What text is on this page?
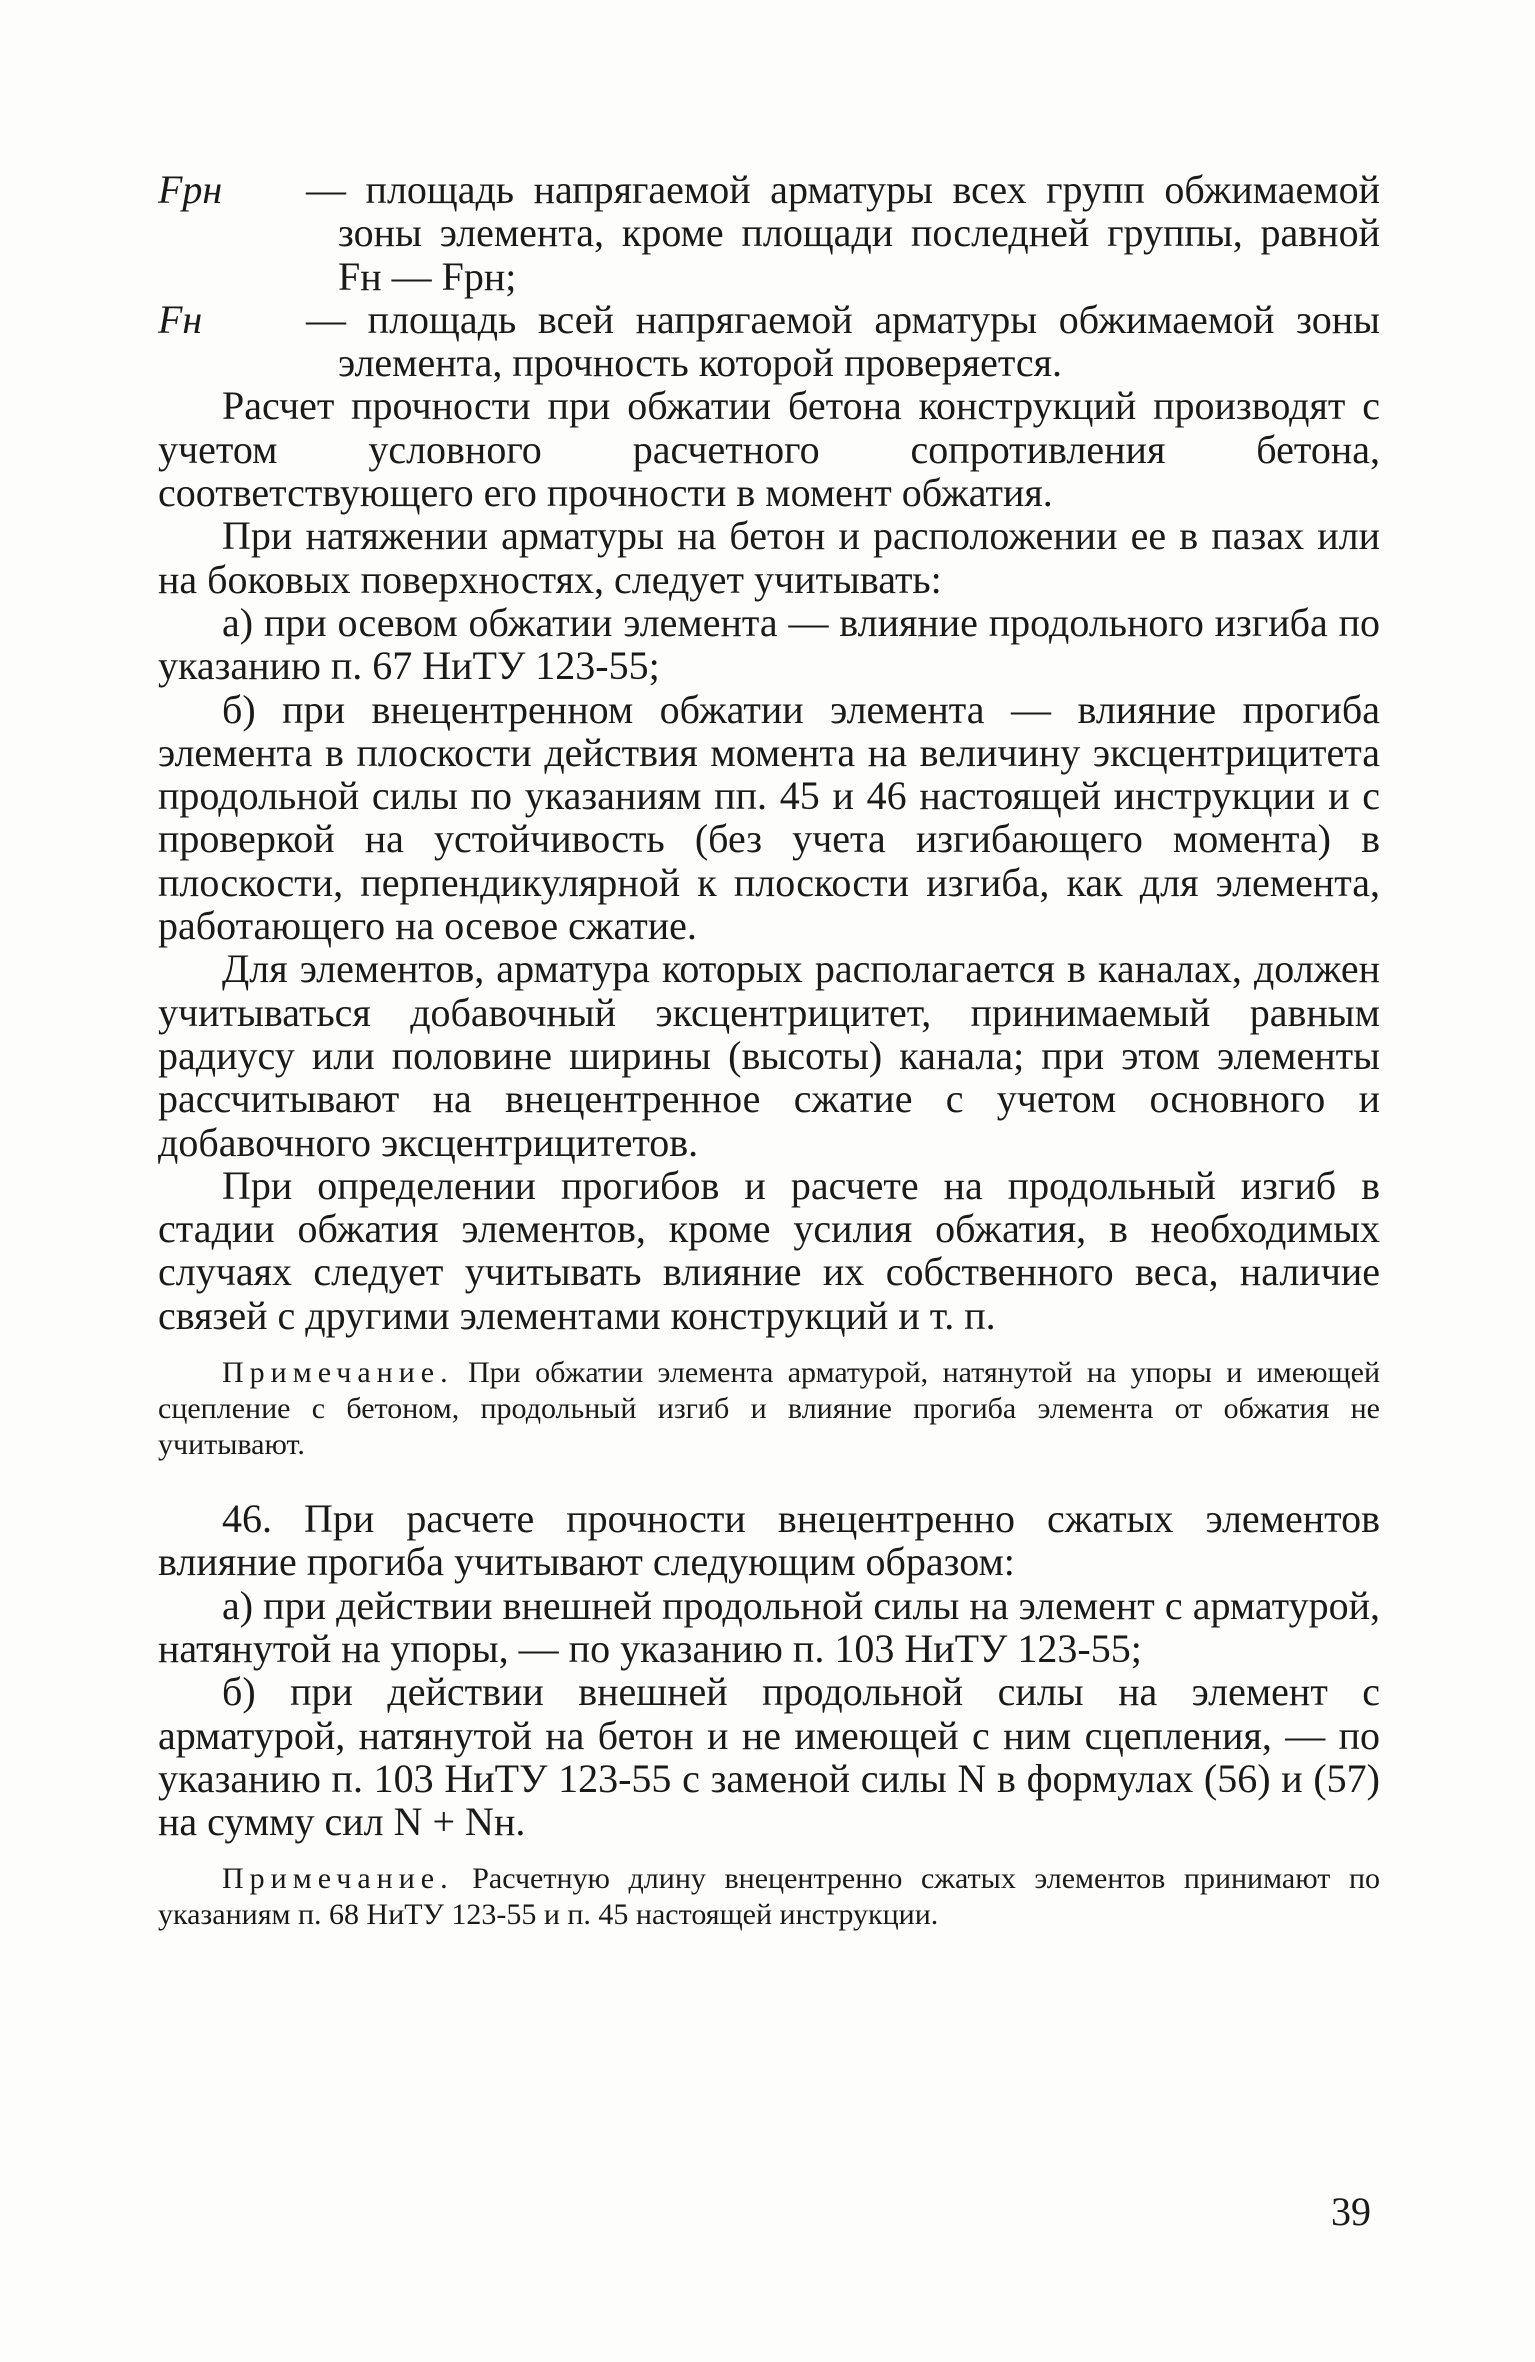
Fрн — площадь напрягаемой арматуры всех групп обжимаемой зоны элемента, кроме площади последней группы, равной Fн — Fрн;

Fн	— площадь всей напрягаемой арматуры обжимаемой зоны элемента, прочность которой проверяется.

Расчет прочности при обжатии бетона конструкций производят с учетом условного расчетного сопротивления бетона, соответствующего его прочности в момент обжатия.

При натяжении арматуры на бетон и расположении ее в пазах или на боковых поверхностях, следует учитывать:

а) при осевом обжатии элемента — влияние продольного изгиба по указанию п. 67 НиТУ 123-55;

б) при внецентренном обжатии элемента — влияние прогиба элемента в плоскости действия момента на величину эксцентрицитета продольной силы по указаниям пп. 45 и 46 настоящей инструкции и с проверкой на устойчивость (без учета изгибающего момента) в плоскости, перпендикулярной к плоскости изгиба, как для элемента, работающего на осевое сжатие.

Для элементов, арматура которых располагается в каналах, должен учитываться добавочный эксцентрицитет, принимаемый равным радиусу или половине ширины (высоты) канала; при этом элементы рассчитывают на внецентренное сжатие с учетом основного и добавочного эксцентрицитетов.

При определении прогибов и расчете на продольный изгиб в стадии обжатия элементов, кроме усилия обжатия, в необходимых случаях следует учитывать влияние их собственного веса, наличие связей с другими элементами конструкций и т. п.

Примечание. При обжатии элемента арматурой, натянутой на упоры и имеющей сцепление с бетоном, продольный изгиб и влияние прогиба элемента от обжатия не учитывают.

46. При расчете прочности внецентренно сжатых элементов влияние прогиба учитывают следующим образом:

а) при действии внешней продольной силы на элемент с арматурой, натянутой на упоры, — по указанию п. 103 НиТУ 123-55;

б) при действии внешней продольной силы на элемент с арматурой, натянутой на бетон и не имеющей с ним сцепления, — по указанию п. 103 НиТУ 123-55 с заменой силы N в формулах (56) и (57) на сумму сил N + Nн.

Примечание. Расчетную длину внецентренно сжатых элементов принимают по указаниям п. 68 НиТУ 123-55 и п. 45 настоящей инструкции.

39
